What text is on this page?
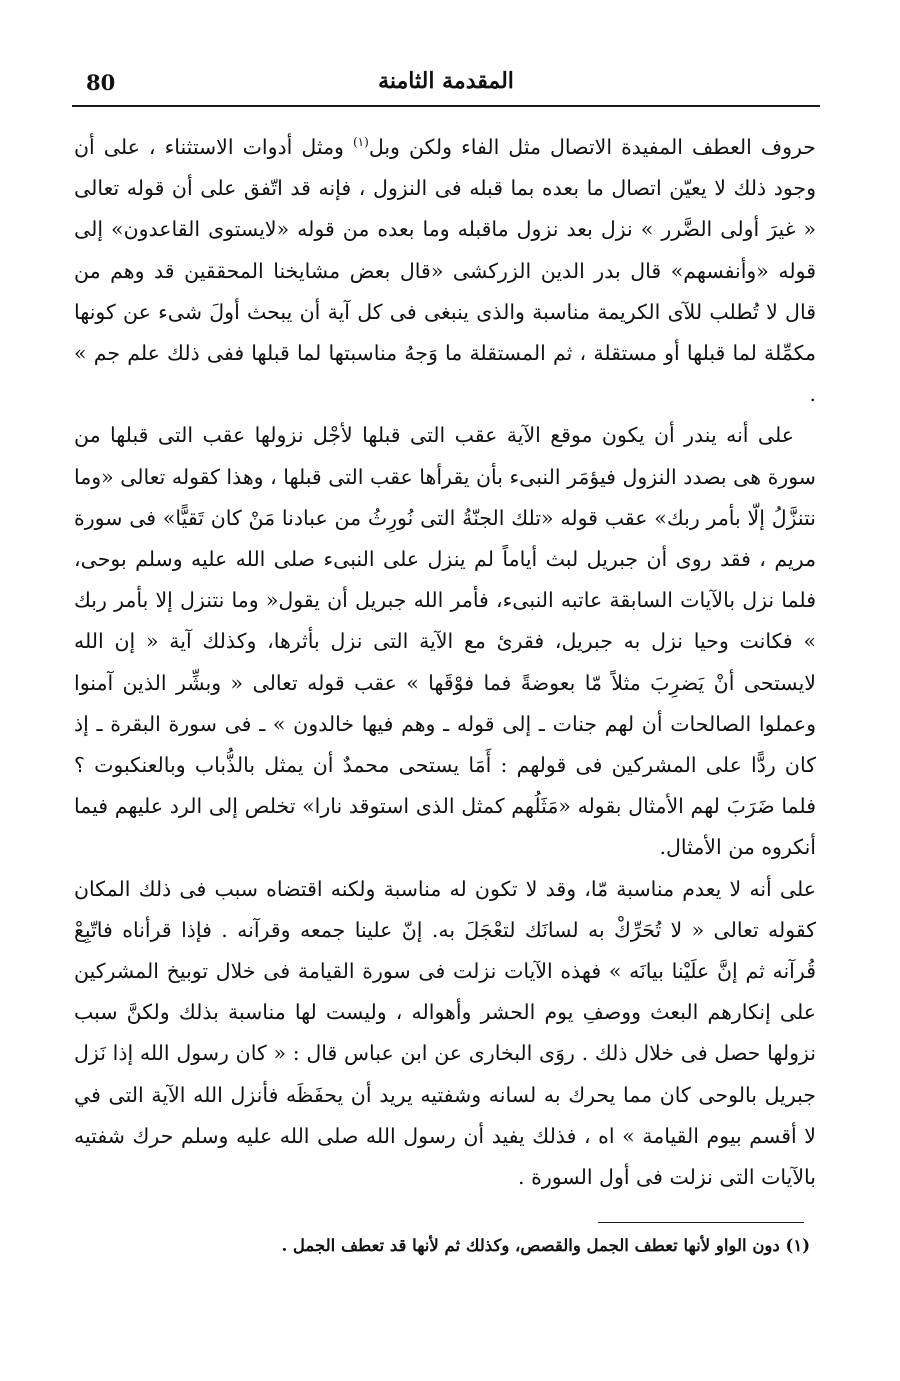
80	المقدمة الثامنة

حروف العطف المفيدة الاتصال مثل الفاء ولكن وبل$^{(١)}$ ومثل أدوات الاستثناء ، على أن وجود ذلك لا يعيّن اتصال ما بعده بما قبله فى النزول ، فإنه قد اتّفق على أن قوله تعالى « غيرَ أولى الضَّرر » نزل بعد نزول ماقبله وما بعده من قوله «لايستوى القاعدون» إلى قوله «وأنفسهم» قال بدر الدين الزركشى «قال بعض مشايخنا المحققين قد وهم من قال لا تُطلب للآى الكريمة مناسبة والذى ينبغى فى كل آية أن يبحث أولَ شىء عن كونها مكمِّلة لما قبلها أو مستقلة ، ثم المستقلة ما وَجهُ مناسبتها لما قبلها ففى ذلك علم جم » .

على أنه يندر أن يكون موقع الآية عقب التى قبلها لأجْل نزولها عقب التى قبلها من سورة هى بصدد النزول فيؤمَر النبىء بأن يقرأها عقب التى قبلها ، وهذا كقوله تعالى «وما نتنزَّلُ إلّا بأمر ربك» عقب قوله «تلك الجنّةُ التى نُورِثُ من عبادنا مَنْ كان تَقيًّا» فى سورة مريم ، فقد روى أن جبريل لبث أياماً لم ينزل على النبىء صلى الله عليه وسلم بوحى، فلما نزل بالآيات السابقة عاتبه النبىء، فأمر الله جبريل أن يقول« وما نتنزل إلا بأمر ربك » فكانت وحيا نزل به جبريل، فقرئ مع الآية التى نزل بأثرها، وكذلك آية « إن الله لايستحى أنْ يَضرِبَ مثلاً مّا بعوضةً فما فوْقَها » عقب قوله تعالى « وبشِّر الذين آمنوا وعملوا الصالحات أن لهم جنات ـ إلى قوله ـ وهم فيها خالدون » ـ فى سورة البقرة ـ إذ كان ردًّا على المشركين فى قولهم : أَمَا يستحى محمدٌ أن يمثل بالذُّباب وبالعنكبوت ؟ فلما ضَرَبَ لهم الأمثال بقوله «مَثَلُهم كمثل الذى استوقد نارا» تخلص إلى الرد عليهم فيما أنكروه من الأمثال.

على أنه لا يعدم مناسبة مّا، وقد لا تكون له مناسبة ولكنه اقتضاه سبب فى ذلك المكان كقوله تعالى « لا تُحَرِّكْ به لسانَك لتعْجَلَ به. إنّ علينا جمعه وقرآنه . فإذا قرأناه فاتّبِعْ قُرآنه ثم إنَّ علَيْنا بيانَه » فهذه الآيات نزلت فى سورة القيامة فى خلال توبيخ المشركين على إنكارهم البعث ووصفِ يوم الحشر وأهواله ، وليست لها مناسبة بذلك ولكنَّ سبب نزولها حصل فى خلال ذلك . روَى البخارى عن ابن عباس قال : « كان رسول الله إذا نَزل جبريل بالوحى كان مما يحرك به لسانه وشفتيه يريد أن يحفَظَه فأنزل الله الآية التى في لا أقسم بيوم القيامة » اه ، فذلك يفيد أن رسول الله صلى الله عليه وسلم حرك شفتيه بالآيات التى نزلت فى أول السورة .

(١) دون الواو لأنها تعطف الجمل والقصص، وكذلك ثم لأنها قد تعطف الجمل .
